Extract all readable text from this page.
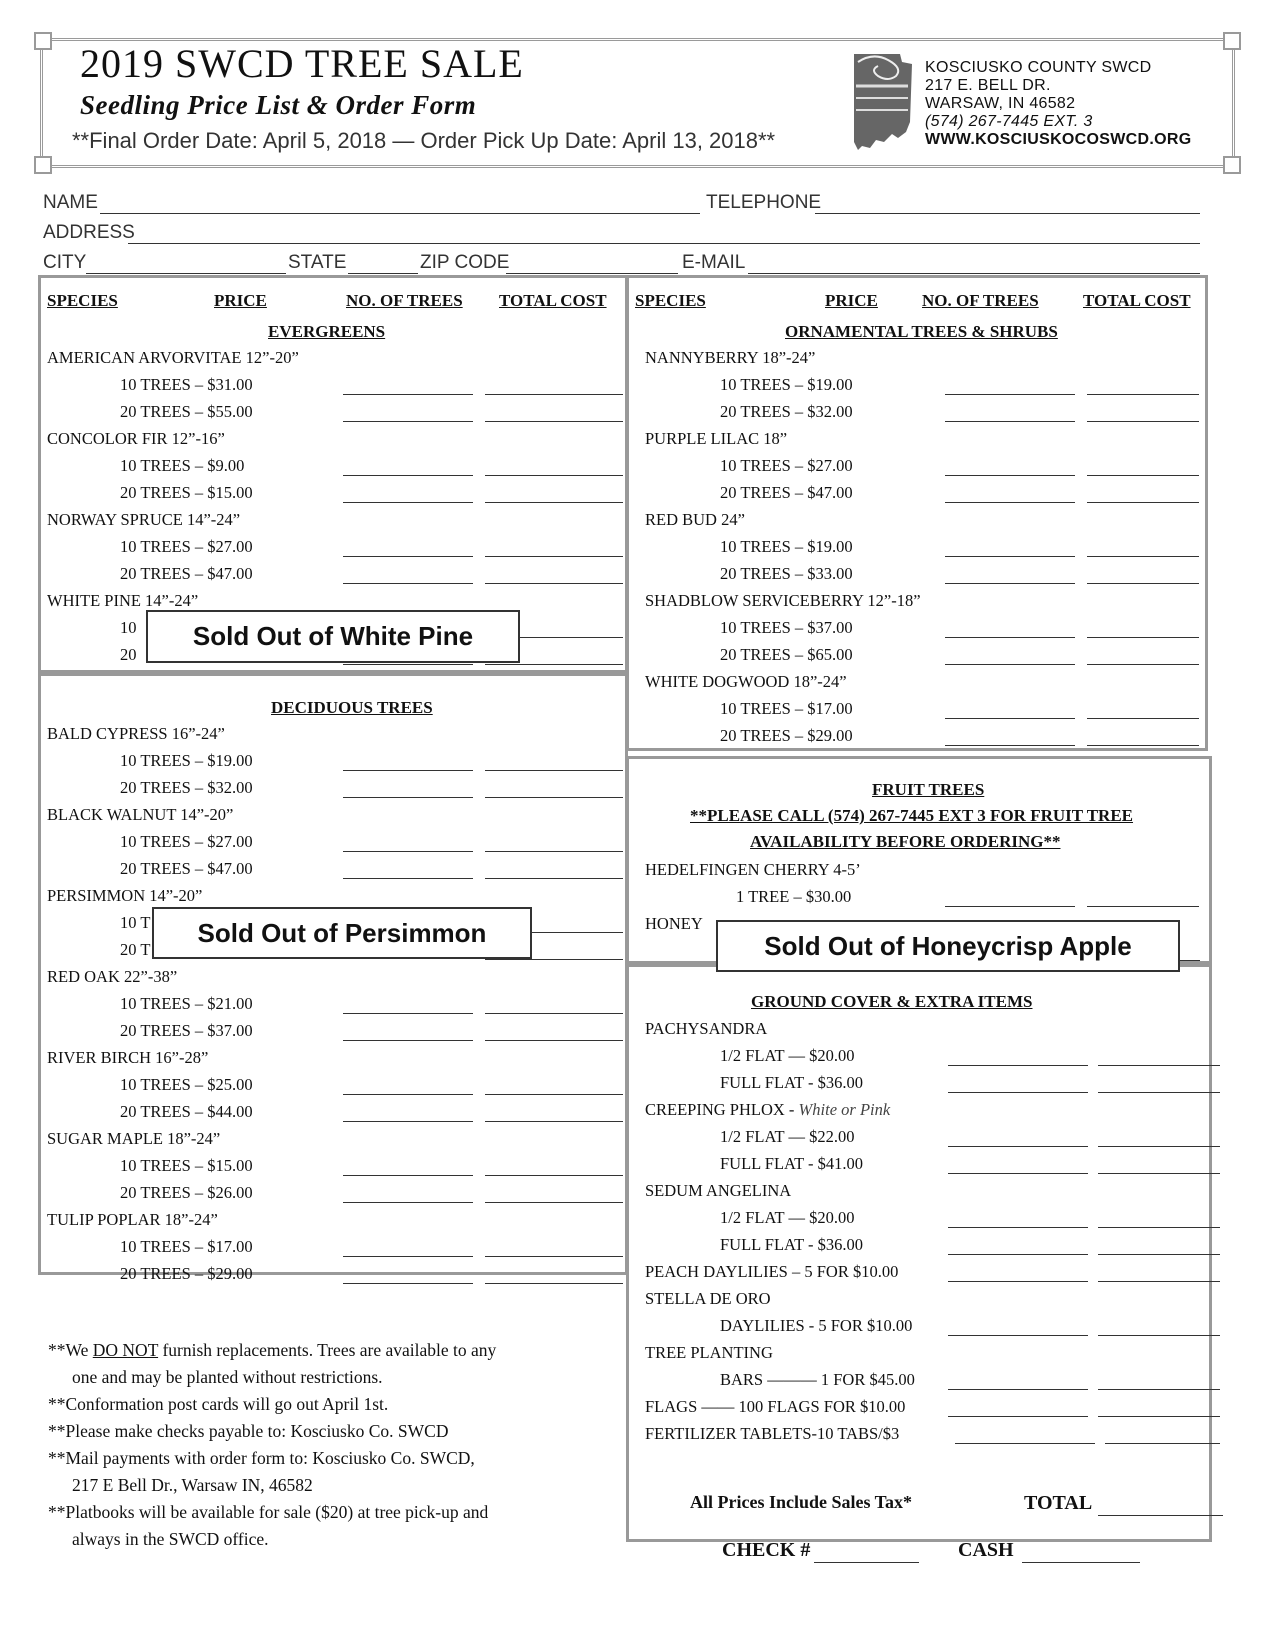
2019 SWCD TREE SALE
Seedling Price List & Order Form
**Final Order Date: April 5, 2018 — Order Pick Up Date: April 13, 2018**
KOSCIUSKO COUNTY SWCD
217 E. BELL DR.
WARSAW, IN 46582
(574) 267-7445 EXT. 3
WWW.KOSCIUSKOCOSWCD.ORG
NAME	TELEPHONE
ADDRESS
CITY	STATE	ZIP CODE	E-MAIL
SPECIES	PRICE	NO. OF TREES TOTAL COST SPECIES	PRICE	NO. OF TREES	TOTAL COST
EVERGREENS
AMERICAN ARVORVITAE 12”-20”
10 TREES – $31.00
20 TREES – $55.00
CONCOLOR FIR 12”-16”
10 TREES – $9.00
20 TREES – $15.00
NORWAY SPRUCE 14”-24”
10 TREES – $27.00
20 TREES – $47.00
WHITE PINE 14”-24”
10
20
Sold Out of White Pine
DECIDUOUS TREES
BALD CYPRESS 16”-24”
10 TREES – $19.00
20 TREES – $32.00
BLACK WALNUT 14”-20”
10 TREES – $27.00
20 TREES – $47.00
PERSIMMON 14”-20”
10 T
20 T
RED OAK 22”-38”
10 TREES – $21.00
20 TREES – $37.00
RIVER BIRCH 16”-28”
10 TREES – $25.00
20 TREES – $44.00
SUGAR MAPLE 18”-24”
10 TREES – $15.00
20 TREES – $26.00
TULIP POPLAR 18”-24”
10 TREES – $17.00
20 TREES – $29.00
Sold Out of Persimmon
ORNAMENTAL TREES & SHRUBS
NANNYBERRY 18”-24”
10 TREES – $19.00
20 TREES – $32.00
PURPLE LILAC 18”
10 TREES – $27.00
20 TREES – $47.00
RED BUD 24”
10 TREES – $19.00
20 TREES – $33.00
SHADBLOW SERVICEBERRY 12”-18”
10 TREES – $37.00
20 TREES – $65.00
WHITE DOGWOOD 18”-24”
10 TREES – $17.00
20 TREES – $29.00
FRUIT TREES
**PLEASE CALL (574) 267-7445 EXT 3 FOR FRUIT TREE
AVAILABILITY BEFORE ORDERING**
HEDELFINGEN CHERRY 4-5’
1 TREE – $30.00
HONEY
Sold Out of Honeycrisp Apple
GROUND COVER & EXTRA ITEMS
PACHYSANDRA
1/2 FLAT — $20.00
FULL FLAT - $36.00
CREEPING PHLOX - White or Pink
1/2 FLAT — $22.00
FULL FLAT - $41.00
SEDUM ANGELINA
1/2 FLAT — $20.00
FULL FLAT - $36.00
PEACH DAYLILIES – 5 FOR $10.00
STELLA DE ORO
DAYLILIES - 5 FOR $10.00
TREE PLANTING
BARS ——— 1 FOR $45.00
FLAGS —— 100 FLAGS FOR $10.00
FERTILIZER TABLETS-10 TABS/$3
All Prices Include Sales Tax*	TOTAL
CHECK #	CASH
**We DO NOT furnish replacements. Trees are available to any
one and may be planted without restrictions.
**Conformation post cards will go out April 1st.
**Please make checks payable to: Kosciusko Co. SWCD
**Mail payments with order form to: Kosciusko Co. SWCD,
217 E Bell Dr., Warsaw IN, 46582
**Platbooks will be available for sale ($20) at tree pick-up and
always in the SWCD office.
